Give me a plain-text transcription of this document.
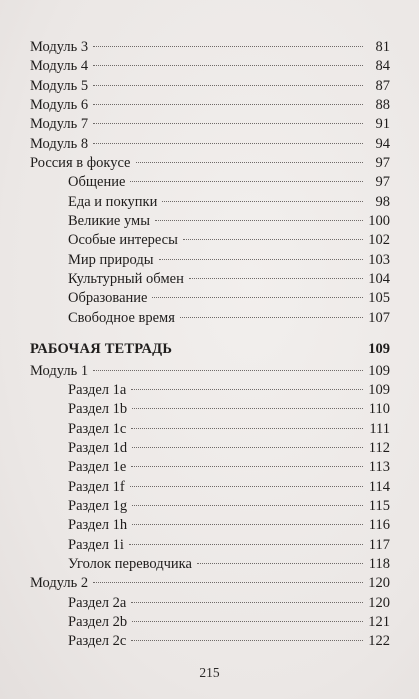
Модуль 3	81
Модуль 4	84
Модуль 5	87
Модуль 6	88
Модуль 7	91
Модуль 8	94
Россия в фокусе	97
Общение	97
Еда и покупки	98
Великие умы	100
Особые интересы	102
Мир природы	103
Культурный обмен	104
Образование	105
Свободное время	107
РАБОЧАЯ ТЕТРАДЬ	109
Модуль 1	109
Раздел 1a	109
Раздел 1b	110
Раздел 1c	111
Раздел 1d	112
Раздел 1e	113
Раздел 1f	114
Раздел 1g	115
Раздел 1h	116
Раздел 1i	117
Уголок переводчика	118
Модуль 2	120
Раздел 2a	120
Раздел 2b	121
Раздел 2c	122
215
